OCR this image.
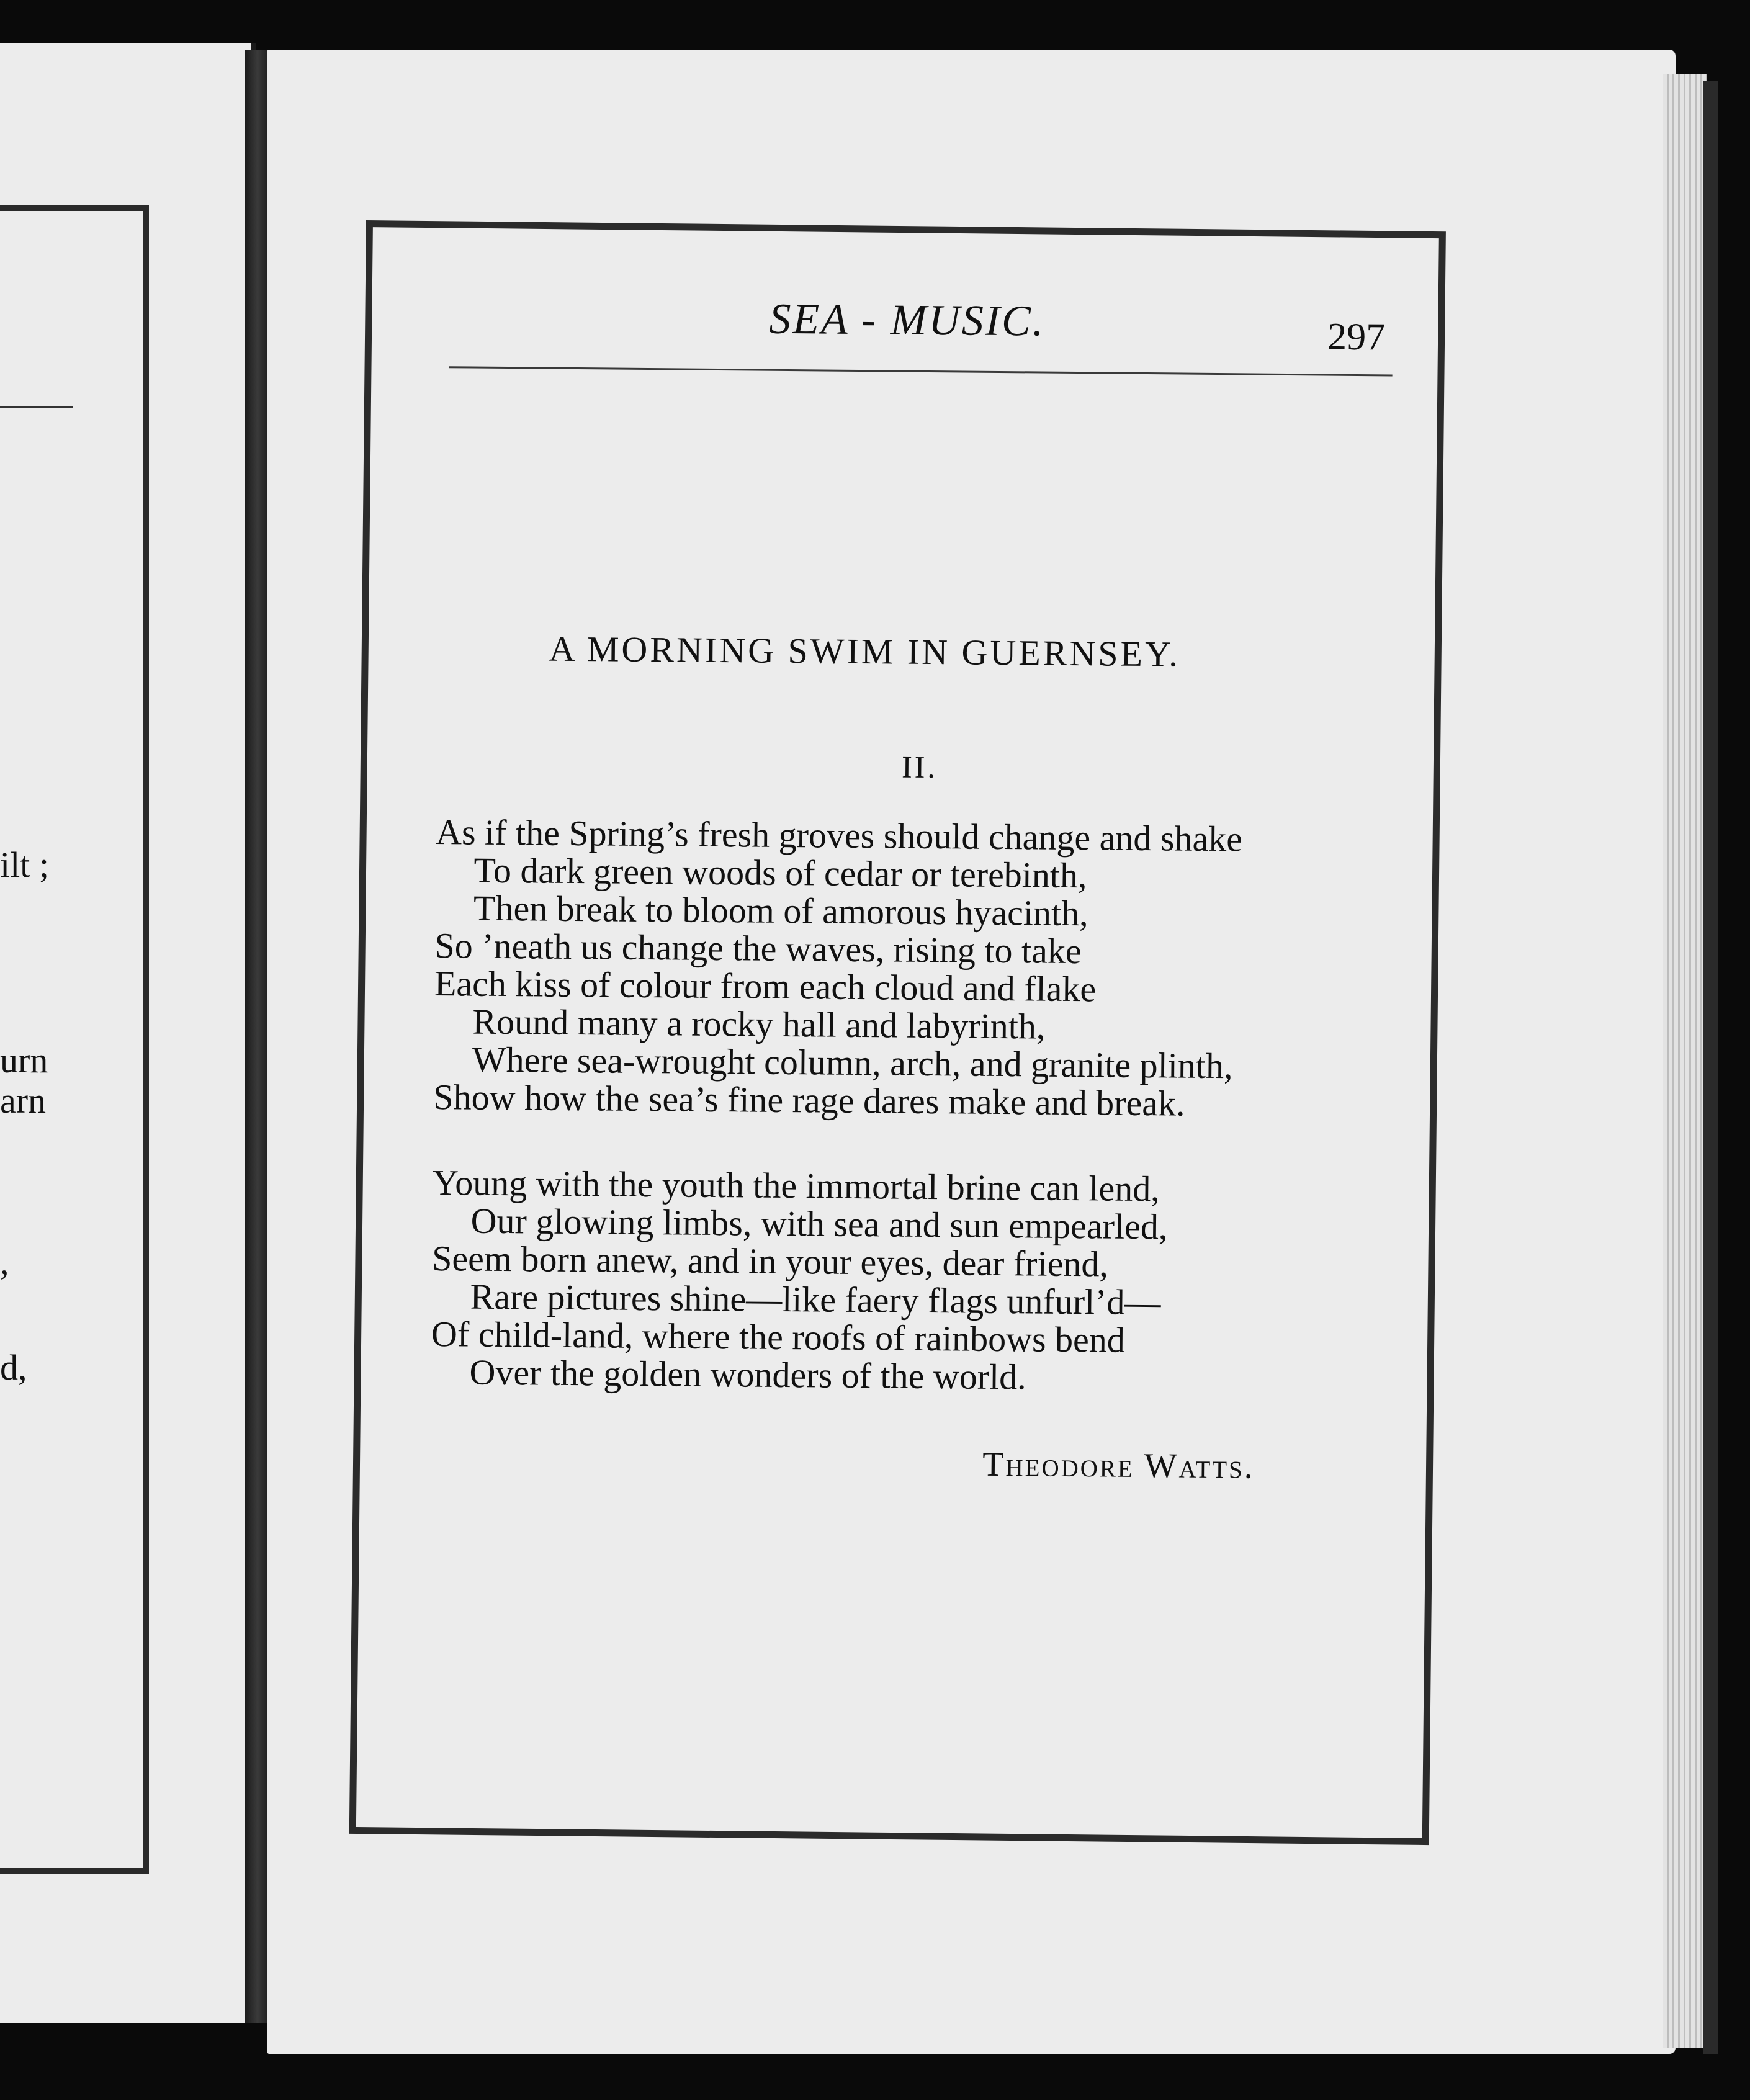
ilt ;
urn
arn
,
d,
SEA - MUSIC.	297
A MORNING SWIM IN GUERNSEY.
II.
As if the Spring’s fresh groves should change and shake
To dark green woods of cedar or terebinth,
Then break to bloom of amorous hyacinth,
So ’neath us change the waves, rising to take
Each kiss of colour from each cloud and flake
Round many a rocky hall and labyrinth,
Where sea-wrought column, arch, and granite plinth,
Show how the sea’s fine rage dares make and break.
Young with the youth the immortal brine can lend,
Our glowing limbs, with sea and sun empearled,
Seem born anew, and in your eyes, dear friend,
Rare pictures shine—like faery flags unfurl’d—
Of child-land, where the roofs of rainbows bend
Over the golden wonders of the world.
Theodore Watts.
